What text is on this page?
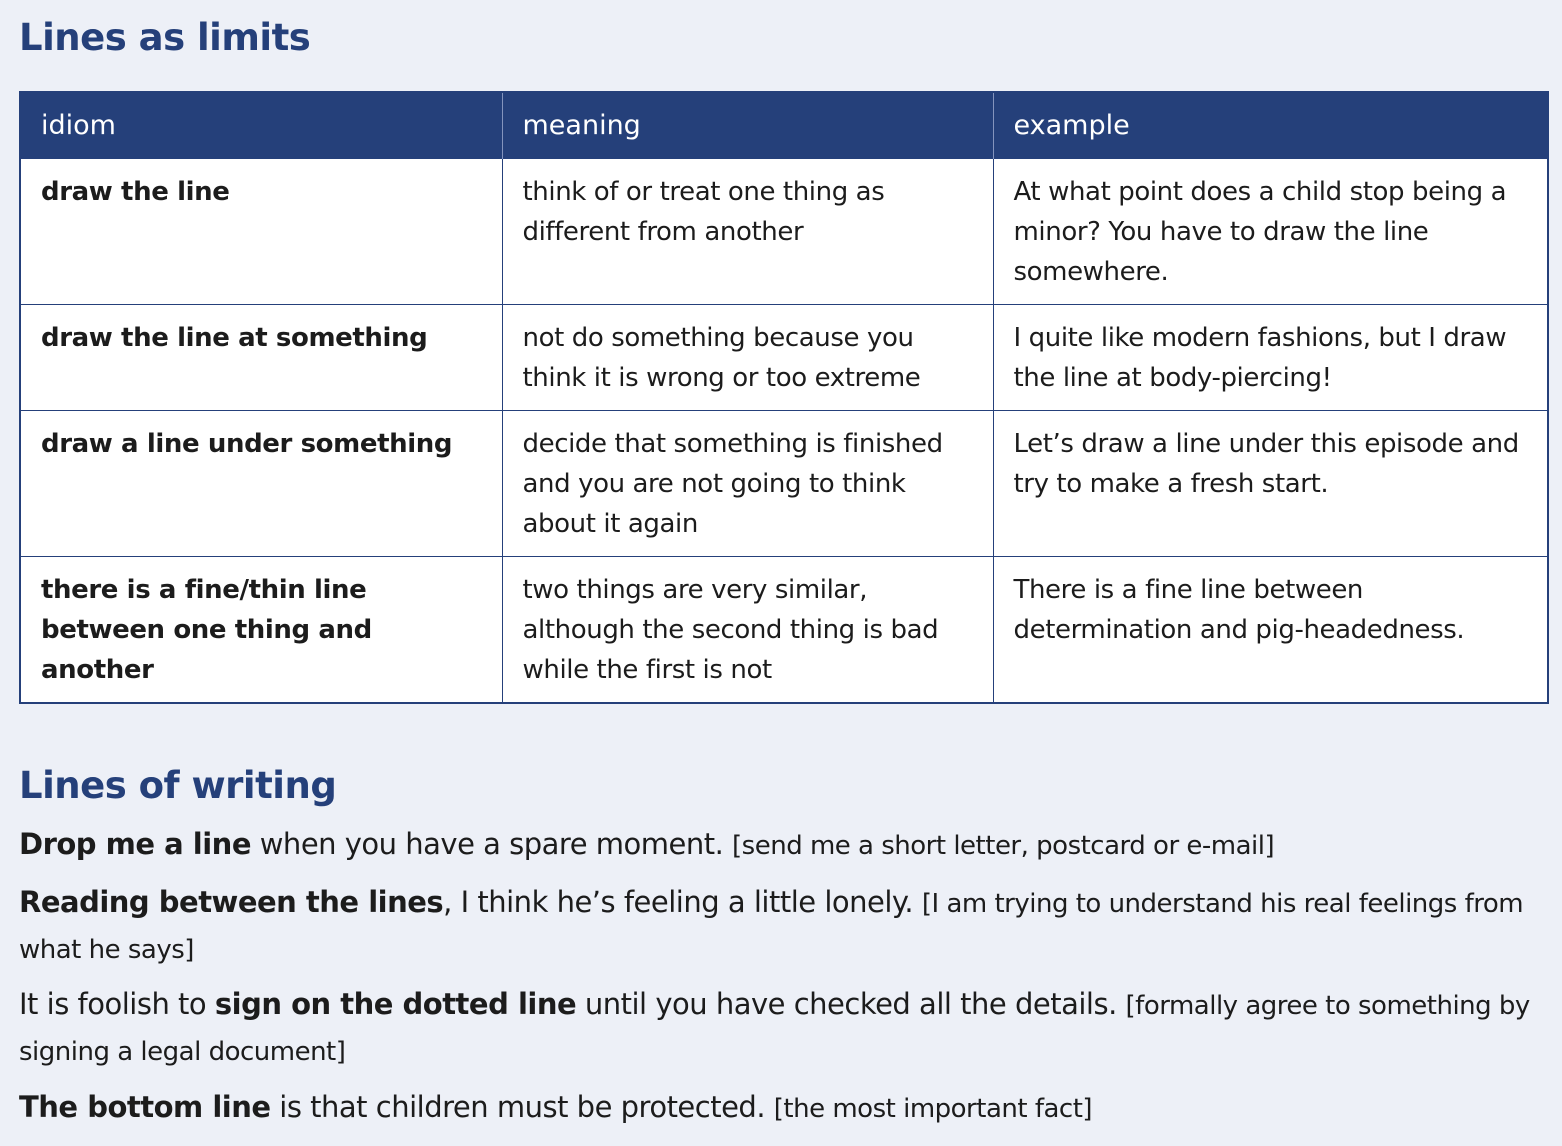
Lines as limits
idiom	meaning	example
draw the line	think of or treat one thing as different from another	At what point does a child stop being a minor? You have to draw the line somewhere.
draw the line at something	not do something because you think it is wrong or too extreme	I quite like modern fashions, but I draw the line at body-piercing!
draw a line under something	decide that something is finished and you are not going to think about it again	Let’s draw a line under this episode and try to make a fresh start.
there is a fine/thin line between one thing and another	two things are very similar, although the second thing is bad while the first is not	There is a fine line between determination and pig-headedness.
Lines of writing

Drop me a line when you have a spare moment. [send me a short letter, postcard or e-mail]

Reading between the lines, I think he’s feeling a little lonely. [I am trying to understand his real feelings from what he says]

It is foolish to sign on the dotted line until you have checked all the details. [formally agree to something by signing a legal document]

The bottom line is that children must be protected. [the most important fact]
